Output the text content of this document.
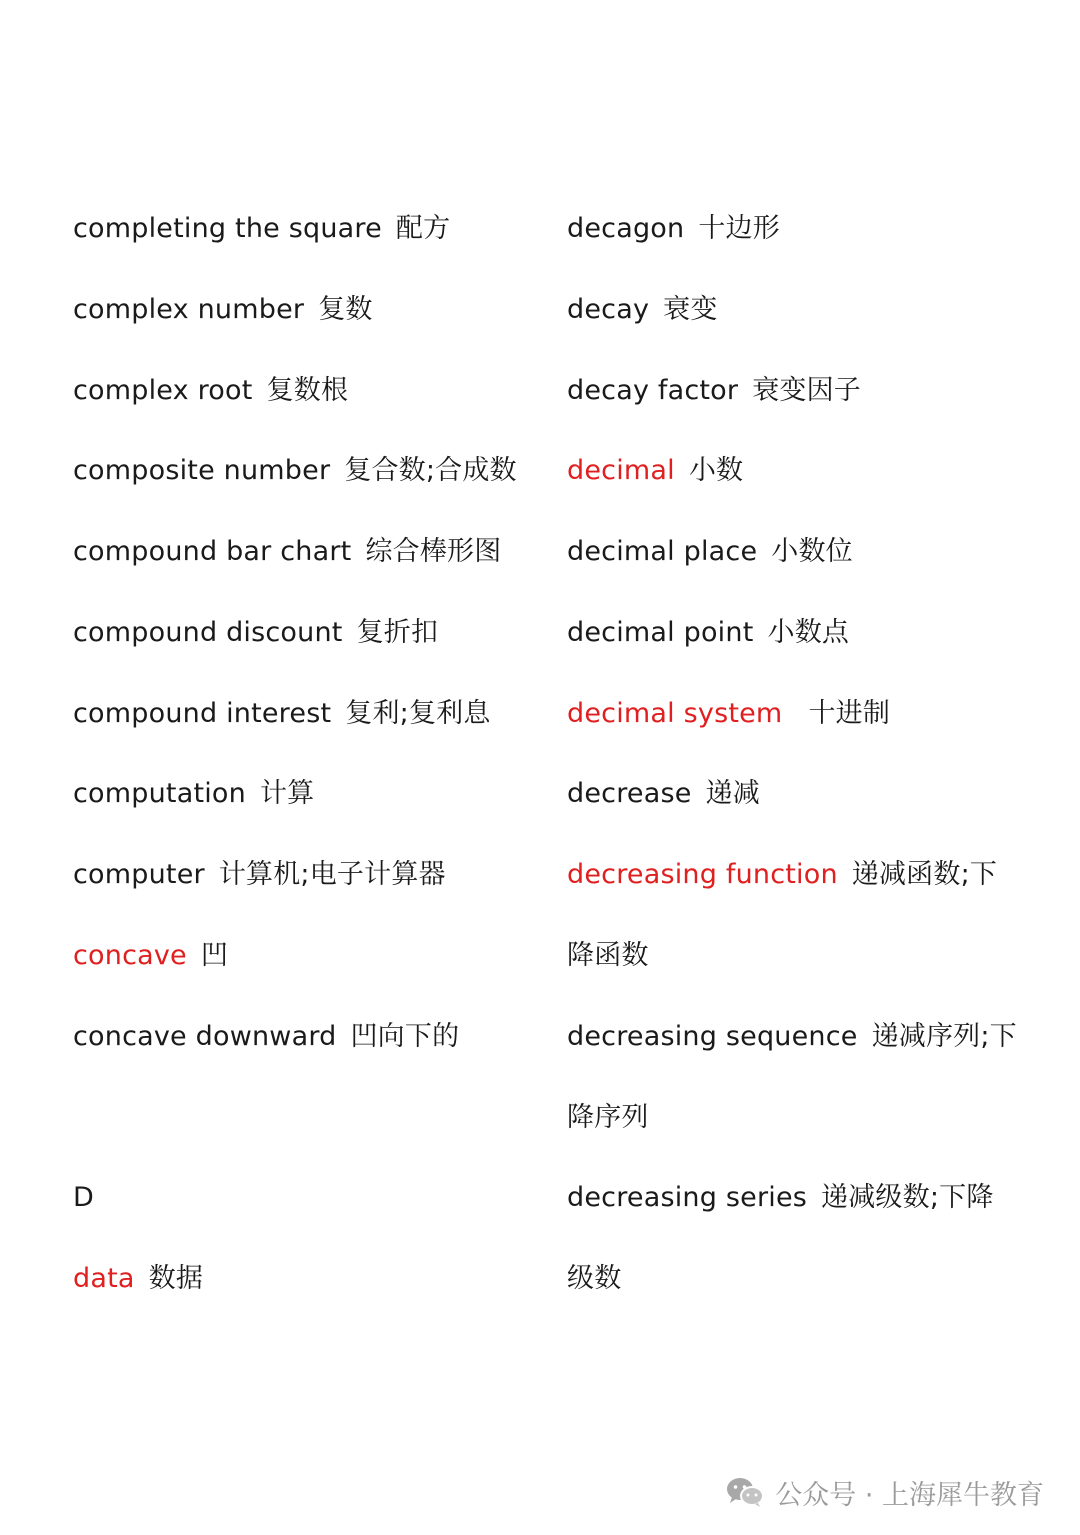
completing the square 配方
complex number 复数
complex root 复数根
composite number 复合数;合成数
compound bar chart 综合棒形图
compound discount 复折扣
compound interest 复利;复利息
computation 计算
computer 计算机;电子计算器
concave 凹
concave downward 凹向下的
D
data 数据
decagon 十边形
decay 衰变
decay factor 衰变因子
decimal 小数
decimal place 小数位
decimal point 小数点
decimal system 十进制
decrease 递减
decreasing function 递减函数;下
降函数
decreasing sequence 递减序列;下
降序列
decreasing series 递减级数;下降
级数
公众号 · 上海犀牛教育
